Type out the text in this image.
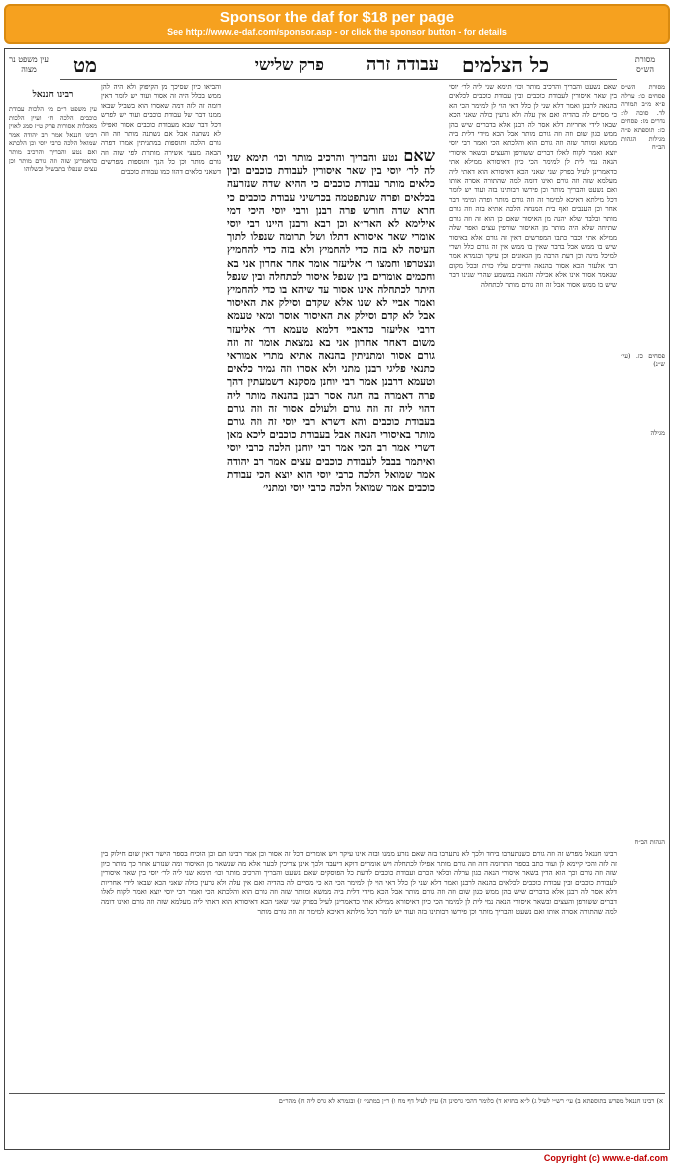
Sponsor the daf for $18 per page
See http://www.e-daf.com/sponsor.asp - or click the sponsor button - for details
כל הצלמים
פרק שלישי עבודה זרה
מט	מסורת הש״ס
עין משפט נר מצוה
שאם נשעט והבריך והרכיב מותר וכו׳ תימא שני ליה לר׳ יוסי בין שאר איסורין לעבודת כוכבים ובין עבודת כוכבים לכלאים בהנאה לרבנן ואמר דלא שני לן כלל דאי הוי לן למימר הכי הא כי מסיים לה בהדיה ואם אין עלה ולא גרעין כולה שאני הכא שבאו לידי אחריות דלא אסר לה רבנן אלא בדברים שיש בהן ממש כגון שום וזה וזה גורם מותר אבל הכא מידי דלית ביה ממשא ומותר שזה וזה גורם הוא והלכתא הכי ואמר רבי יוסי יוצא ואמר לקוח לאלו דברים ששורפן והעצים ובשאר איסורי הנאה נמי לית לן למימר הכי כיון דאיסורא ממילא אתי כדאמרינן לעיל בפרק שני שאני הכא דאיסורא הוא דאתי ליה מעלמא שזה וזה גורם ואינו דומה למה שהתורה אסרה אותו ואם נשעט והבריך מותר וכן פירשו רבותינו בזה ועוד יש לומר דכל מילתא דאיכא למימר זה וזה גורם מותר ופרה ומימי דבר אחר וכן הענבים ואף בית המנחה הלכה אתיא בזה וזה גורם מותר ובלבד שלא יהנה מן האיסור שאם כן הוא זה וזה גורם שתיחה שלא היה מותר מן האיסור שורפין עצים ואפר שלה ממילא אתי וכבר כתבו המפרשים דאין זה גורם אלא באיסור שיש בו ממש אבל בדבר שאין בו ממש אין זה גורם כלל ושרי למיכל מינה וכן דעת הרבה מן הגאונים וכן עיקר ובגמרא אמר רבי אלעזר הכא אסור בהנאה וחייבים עליו כזית ובכל מקום שנאמר אסור אינו אלא אכילה והנאה במשמע שהרי שנינו דבר שיש בו ממש אסור אבל זה וזה גורם מותר לכתחלה
שאם נטע והבריך והרכיב מותר וכו׳ תימא שני לה לר׳ יוסי בין שאר איסורין לעבודת כוכבים ובין כלאים מותר עבודת כוכבים כי ההיא שדה שנזרעה בכלאים ופרה שנתפטמה בכרשיני עבודת כוכבים כי חרא שדה חורש פרה רבנן ורבי יוסי היכי דמי אילימא לא האר״א וכן רבא ורבנן היינו רבי יוסי אומרי שאר איסורא דתלו ושל תרומה שנפלו לתוך העיסה לא בזה כדי להחמיץ ולא בזה כדי להחמיץ ונצטרפו וחמצו ר׳ אליעזר אומר אחר אחרון אני בא וחכמים אומרים בין שנפל איסור לכתחלה ובין שנפל היתר לכתחלה אינו אסור עד שיהא בו כדי להחמיץ ואמר אביי לא שנו אלא שקדם וסילק את האיסור אבל לא קדם וסילק את האיסור אוסר ומאי טעמא דרבי אליעזר כדאביי דלמא טעמא דר׳ אליעזר משום דאחר אחרון אני בא נמצאת אומר זה וזה גורם אסור ומתניתין בהנאה אתיא מתרי אמוראי כתנאי פליגי רבנן מתני ולא אסרו וזה גמיר כלאים וטעמא דרבנן אמר רבי יוחנן מסקנא דשמעתין דהך פרה דאמרה בה חגה אסר רבנן בהנאה מותר ליה דהוי ליה זה וזה גורם ולעולם אסור זה וזה גורם בעבודת כוכבים והא דשרא רבי יוסי זה וזה גורם מותר באיסורי הנאה אבל בעבודת כוכבים ליכא מאן דשרי אמר רב הכי אמר רבי יוחנן הלכה כרבי יוסי ואיתמר בבבל לעבודת כוכבים עצים אמר רב יהודה אמר שמואל הלכה כרבי יוסי הוא יוצא הכי עבודת כוכבים אמר שמואל הלכה כרבי יוסי ומתני׳
והביאו כיון שסיכך מן הקיפוק ולא היה להן ממש בכלל היה זה אסור ועוד יש לומר דאין דומה זה לזה דמה שאסרו הוא בשביל שבאו ממנו דבר של עבודת כוכבים ועוד יש לפרש דכל דבר שבא מעבודת כוכבים אסור ואפילו לא נשתנה אבל אם נשתנה מותר וזה וזה גורם הלכה ותוספות במתניתין אמרו דפרה הבאה מעצי אשירה מותרת לפי שזה וזה גורם מותר וכן כל הנך ותוספות מפרשים דשאני כלאים דהוו כמו עבודת כוכבים
רבינו חננאל
עין משפט ר״ם מ׳ הלכות עבודת כוכבים הלכה ח׳ ועיין הלכות מאכלות אסורות פרק ט״ז סמג לאוין רבינו חננאל אמר רב יהודה אמר שמואל הלכה כרבי יוסי וכן הלכתא ואם נטע והבריך והרכיב מותר כדאמרינן שזה וזה גורם מותר וכן עצים שנפלו בתבשיל ובשלוהו
מסורת הש״ס פסחים כו: ערלה פ״א מ״ב תמורה לד. סוכה לו: נדרים מז: פסחים כז: תוספתא פ״ה מגילות הגהות הב״ח
פסחים כז. (עי׳ ש״נ)
מגילה
הגהות הב״ח
רבינו חננאל מפרש זה וזה גורם כשנתערבו ביחד ולכך לא נתערבו בזה שאם נזרע ממנו ובזה אינו עיקר ויש אומרים דכל זה אסור וכן אמר רבינו תם וכן הוכיח בספר הישר דאין שום חילוק בין זה לזה והכי קיימא לן ועוד כתב בספר התרומה דזה וזה גורם מותר אפילו לכתחלה ויש אומרים דוקא דיעבד ולכך אינן צריכין לבער אלא מה שנשאר מן האיסור ומה שנזרע אחר כך מותר כיון שזה וזה גורם וכך הוא הדין בשאר איסורי הנאה כגון ערלה וכלאי הכרם ועבודת כוכבים לדעת כל הפוסקים שאם נשעט והבריך והרכיב מותר וכו׳ תימא שני ליה לר׳ יוסי בין שאר איסורין לעבודת כוכבים ובין עבודת כוכבים לכלאים בהנאה לרבנן ואמר דלא שני לן כלל דאי הוי לן למימר הכי הא כי מסיים לה בהדיה ואם אין עלה ולא גרעין כולה שאני הכא שבאו לידי אחריות דלא אסר לה רבנן אלא בדברים שיש בהן ממש כגון שום וזה וזה גורם מותר אבל הכא מידי דלית ביה ממשא ומותר שזה וזה גורם הוא והלכתא הכי ואמר רבי יוסי יוצא ואמר לקוח לאלו דברים ששורפן והעצים ובשאר איסורי הנאה נמי לית לן למימר הכי כיון דאיסורא ממילא אתי כדאמרינן לעיל בפרק שני שאני הכא דאיסורא הוא דאתי ליה מעלמא שזה וזה גורם ואינו דומה למה שהתורה אסרה אותו ואם נשעט והבריך מותר וכן פירשו רבותינו בזה ועוד יש לומר דכל מילתא דאיכא למימר זה וזה גורם מותר
א) רבינו חננאל מפרש בתוספתא ב) עי׳ רש״י לעיל ג) ל״א בחזיא ד) כלומר דהכי גרסינן ה) עיין לעיל דף מח ו) ר״ן במתני׳ ז) ובגמרא לא גרס ליה ח) מהר״ם
Copyright (c) www.e-daf.com
